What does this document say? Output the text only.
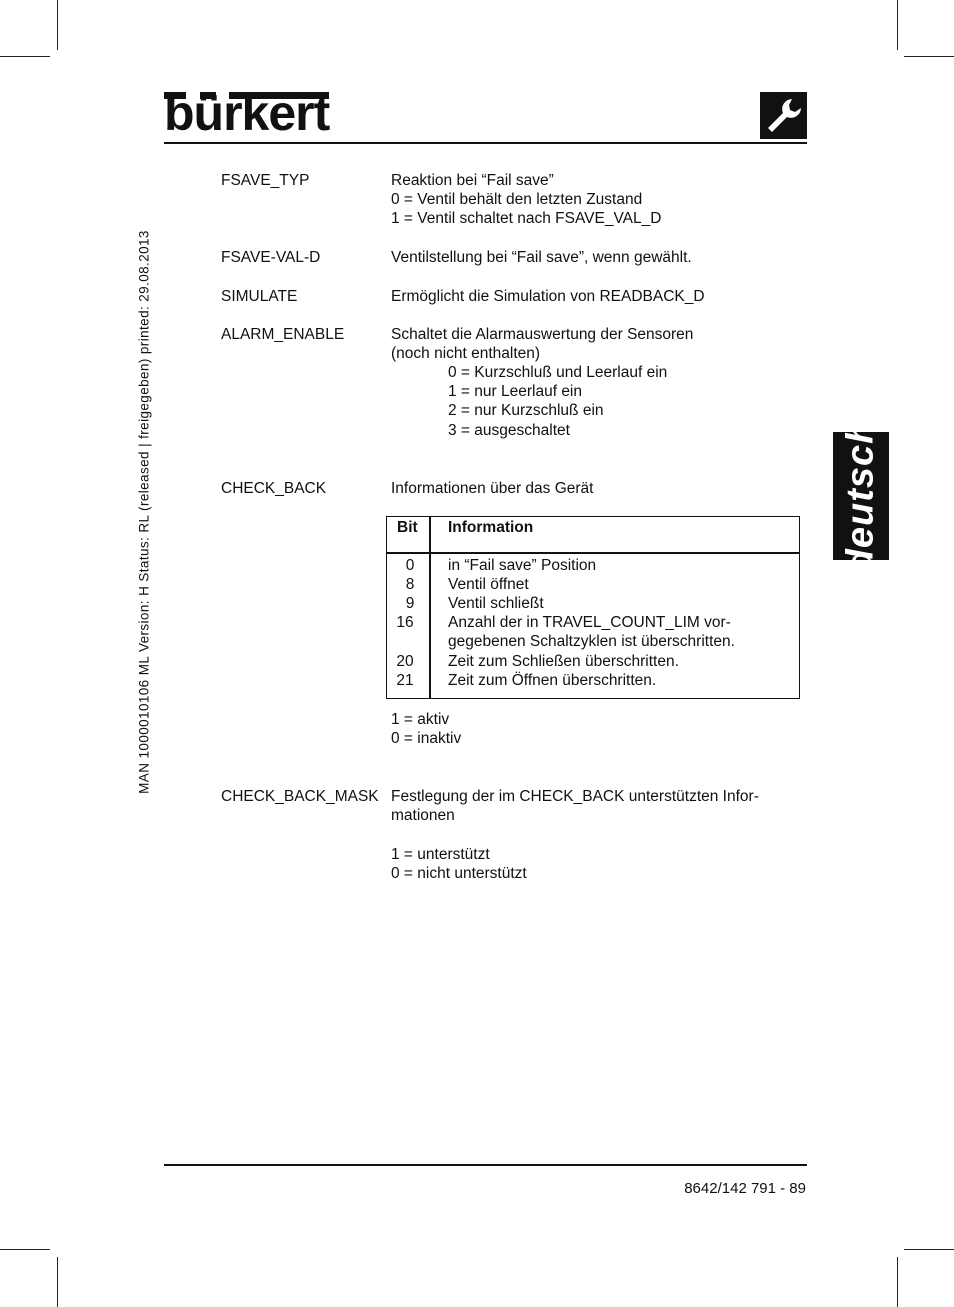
bürkert
MAN 1000010106 ML Version: H Status: RL (released | freigegeben) printed: 29.08.2013	deutsch
FSAVE_TYP	Reaktion bei “Fail save”
0 = Ventil behält den letzten Zustand
1 = Ventil schaltet nach FSAVE_VAL_D
FSAVE-VAL-D	Ventilstellung bei “Fail save”, wenn gewählt.
SIMULATE	Ermöglicht die Simulation von READBACK_D
ALARM_ENABLE	Schaltet die Alarmauswertung der Sensoren
(noch nicht enthalten)
0 = Kurzschluß und Leerlauf ein
1 = nur Leerlauf ein
2 = nur Kurzschluß ein
3 = ausgeschaltet
CHECK_BACK	Informationen über das Gerät
Bit Information
0	in “Fail save” Position
8	Ventil öffnet
9	Ventil schließt
16	Anzahl der in TRAVEL_COUNT_LIM vor-
gegebenen Schaltzyklen ist überschritten.
20	Zeit zum Schließen überschritten.
21	Zeit zum Öffnen überschritten.
1 = aktiv
0 = inaktiv
CHECK_BACK_MASK Festlegung der im CHECK_BACK unterstützten Infor-
mationen
1 = unterstützt
0 = nicht unterstützt
8642/142 791 - 89
